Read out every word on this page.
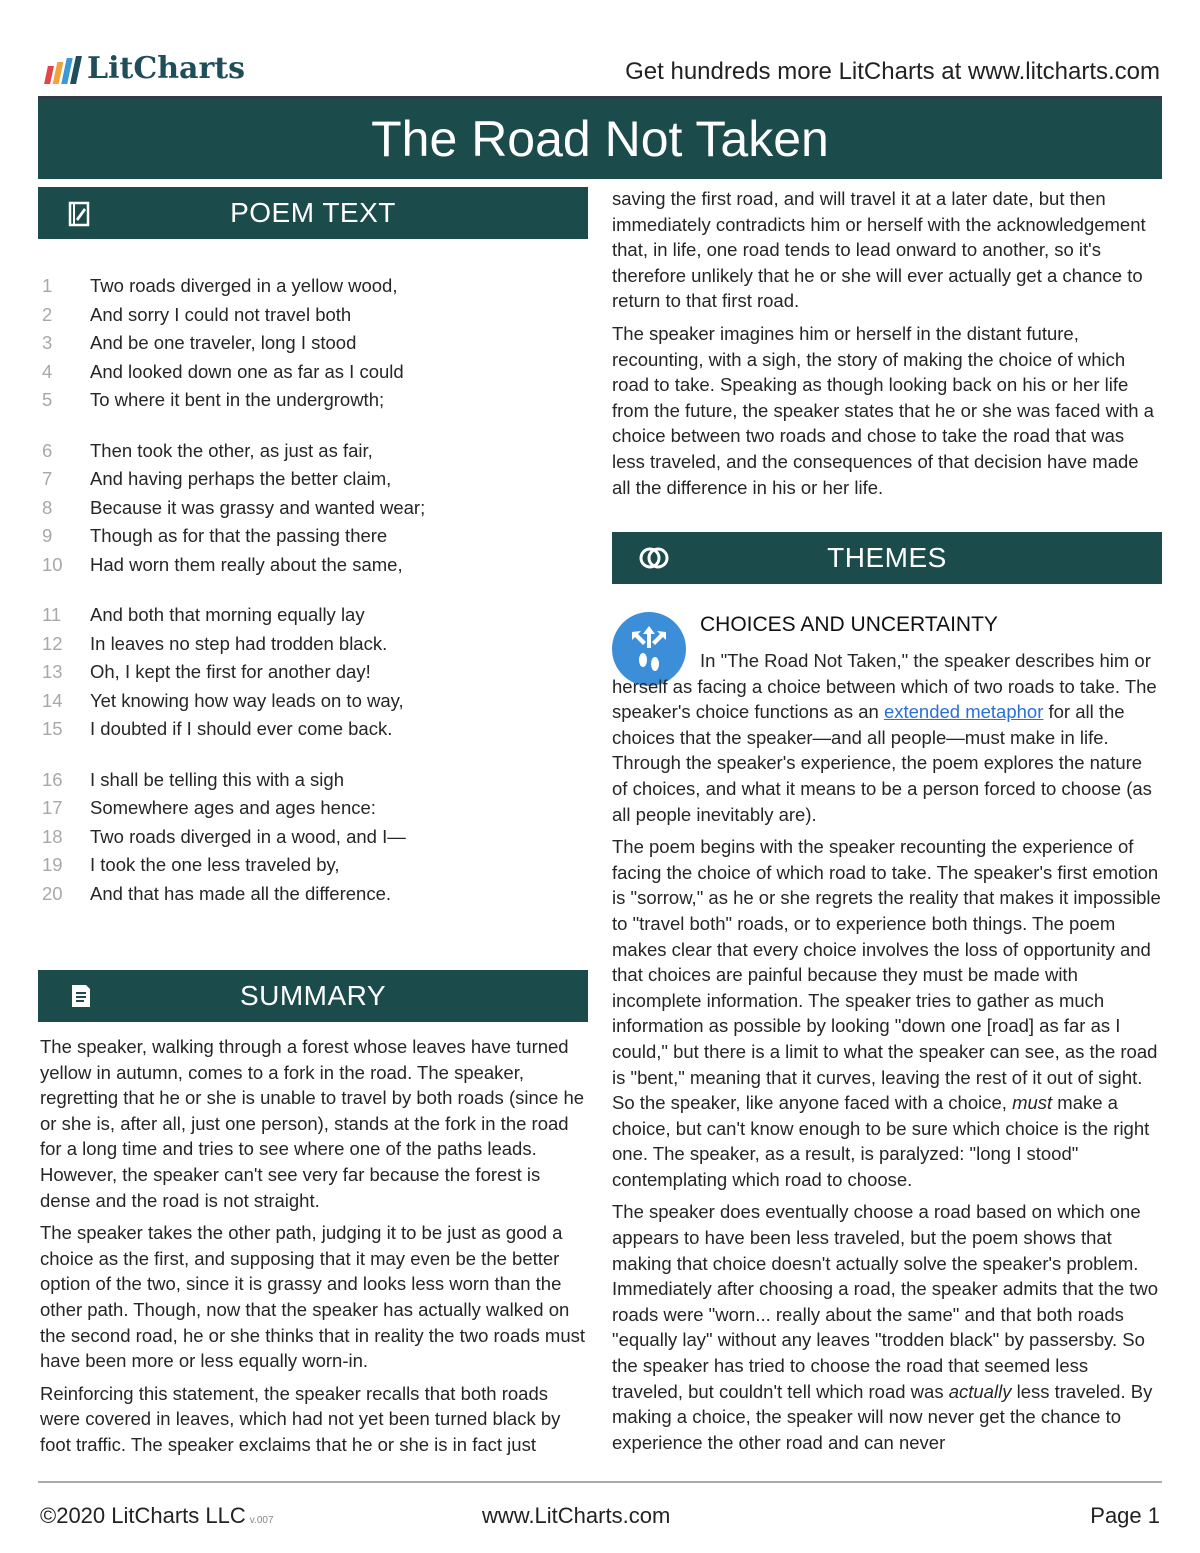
LitCharts	Get hundreds more LitCharts at www.litcharts.com
The Road Not Taken
POEM TEXT
1	Two roads diverged in a yellow wood,
2	And sorry I could not travel both
3	And be one traveler, long I stood
4	And looked down one as far as I could
5	To where it bent in the undergrowth;
6	Then took the other, as just as fair,
7	And having perhaps the better claim,
8	Because it was grassy and wanted wear;
9	Though as for that the passing there
10	Had worn them really about the same,
11	And both that morning equally lay
12	In leaves no step had trodden black.
13	Oh, I kept the first for another day!
14	Yet knowing how way leads on to way,
15	I doubted if I should ever come back.
16	I shall be telling this with a sigh
17	Somewhere ages and ages hence:
18	Two roads diverged in a wood, and I—
19	I took the one less traveled by,
20	And that has made all the difference.
SUMMARY

The speaker, walking through a forest whose leaves have turned yellow in autumn, comes to a fork in the road. The speaker, regretting that he or she is unable to travel by both roads (since he or she is, after all, just one person), stands at the fork in the road for a long time and tries to see where one of the paths leads. However, the speaker can't see very far because the forest is dense and the road is not straight.

The speaker takes the other path, judging it to be just as good a choice as the first, and supposing that it may even be the better option of the two, since it is grassy and looks less worn than the other path. Though, now that the speaker has actually walked on the second road, he or she thinks that in reality the two roads must have been more or less equally worn-in.

Reinforcing this statement, the speaker recalls that both roads were covered in leaves, which had not yet been turned black by foot traffic. The speaker exclaims that he or she is in fact just

saving the first road, and will travel it at a later date, but then immediately contradicts him or herself with the acknowledgement that, in life, one road tends to lead onward to another, so it's therefore unlikely that he or she will ever actually get a chance to return to that first road.

The speaker imagines him or herself in the distant future, recounting, with a sigh, the story of making the choice of which road to take. Speaking as though looking back on his or her life from the future, the speaker states that he or she was faced with a choice between two roads and chose to take the road that was less traveled, and the consequences of that decision have made all the difference in his or her life.

THEMES
CHOICES AND UNCERTAINTY

In "The Road Not Taken," the speaker describes him or herself as facing a choice between which of two roads to take. The speaker's choice functions as an extended metaphor for all the choices that the speaker—and all people—must make in life. Through the speaker's experience, the poem explores the nature of choices, and what it means to be a person forced to choose (as all people inevitably are).

The poem begins with the speaker recounting the experience of facing the choice of which road to take. The speaker's first emotion is "sorrow," as he or she regrets the reality that makes it impossible to "travel both" roads, or to experience both things. The poem makes clear that every choice involves the loss of opportunity and that choices are painful because they must be made with incomplete information. The speaker tries to gather as much information as possible by looking "down one [road] as far as I could," but there is a limit to what the speaker can see, as the road is "bent," meaning that it curves, leaving the rest of it out of sight. So the speaker, like anyone faced with a choice, must make a choice, but can't know enough to be sure which choice is the right one. The speaker, as a result, is paralyzed: "long I stood" contemplating which road to choose.

The speaker does eventually choose a road based on which one appears to have been less traveled, but the poem shows that making that choice doesn't actually solve the speaker's problem. Immediately after choosing a road, the speaker admits that the two roads were "worn... really about the same" and that both roads "equally lay" without any leaves "trodden black" by passersby. So the speaker has tried to choose the road that seemed less traveled, but couldn't tell which road was actually less traveled. By making a choice, the speaker will now never get the chance to experience the other road and can never

©2020 LitCharts LLC v.007	www.LitCharts.com	Page 1
